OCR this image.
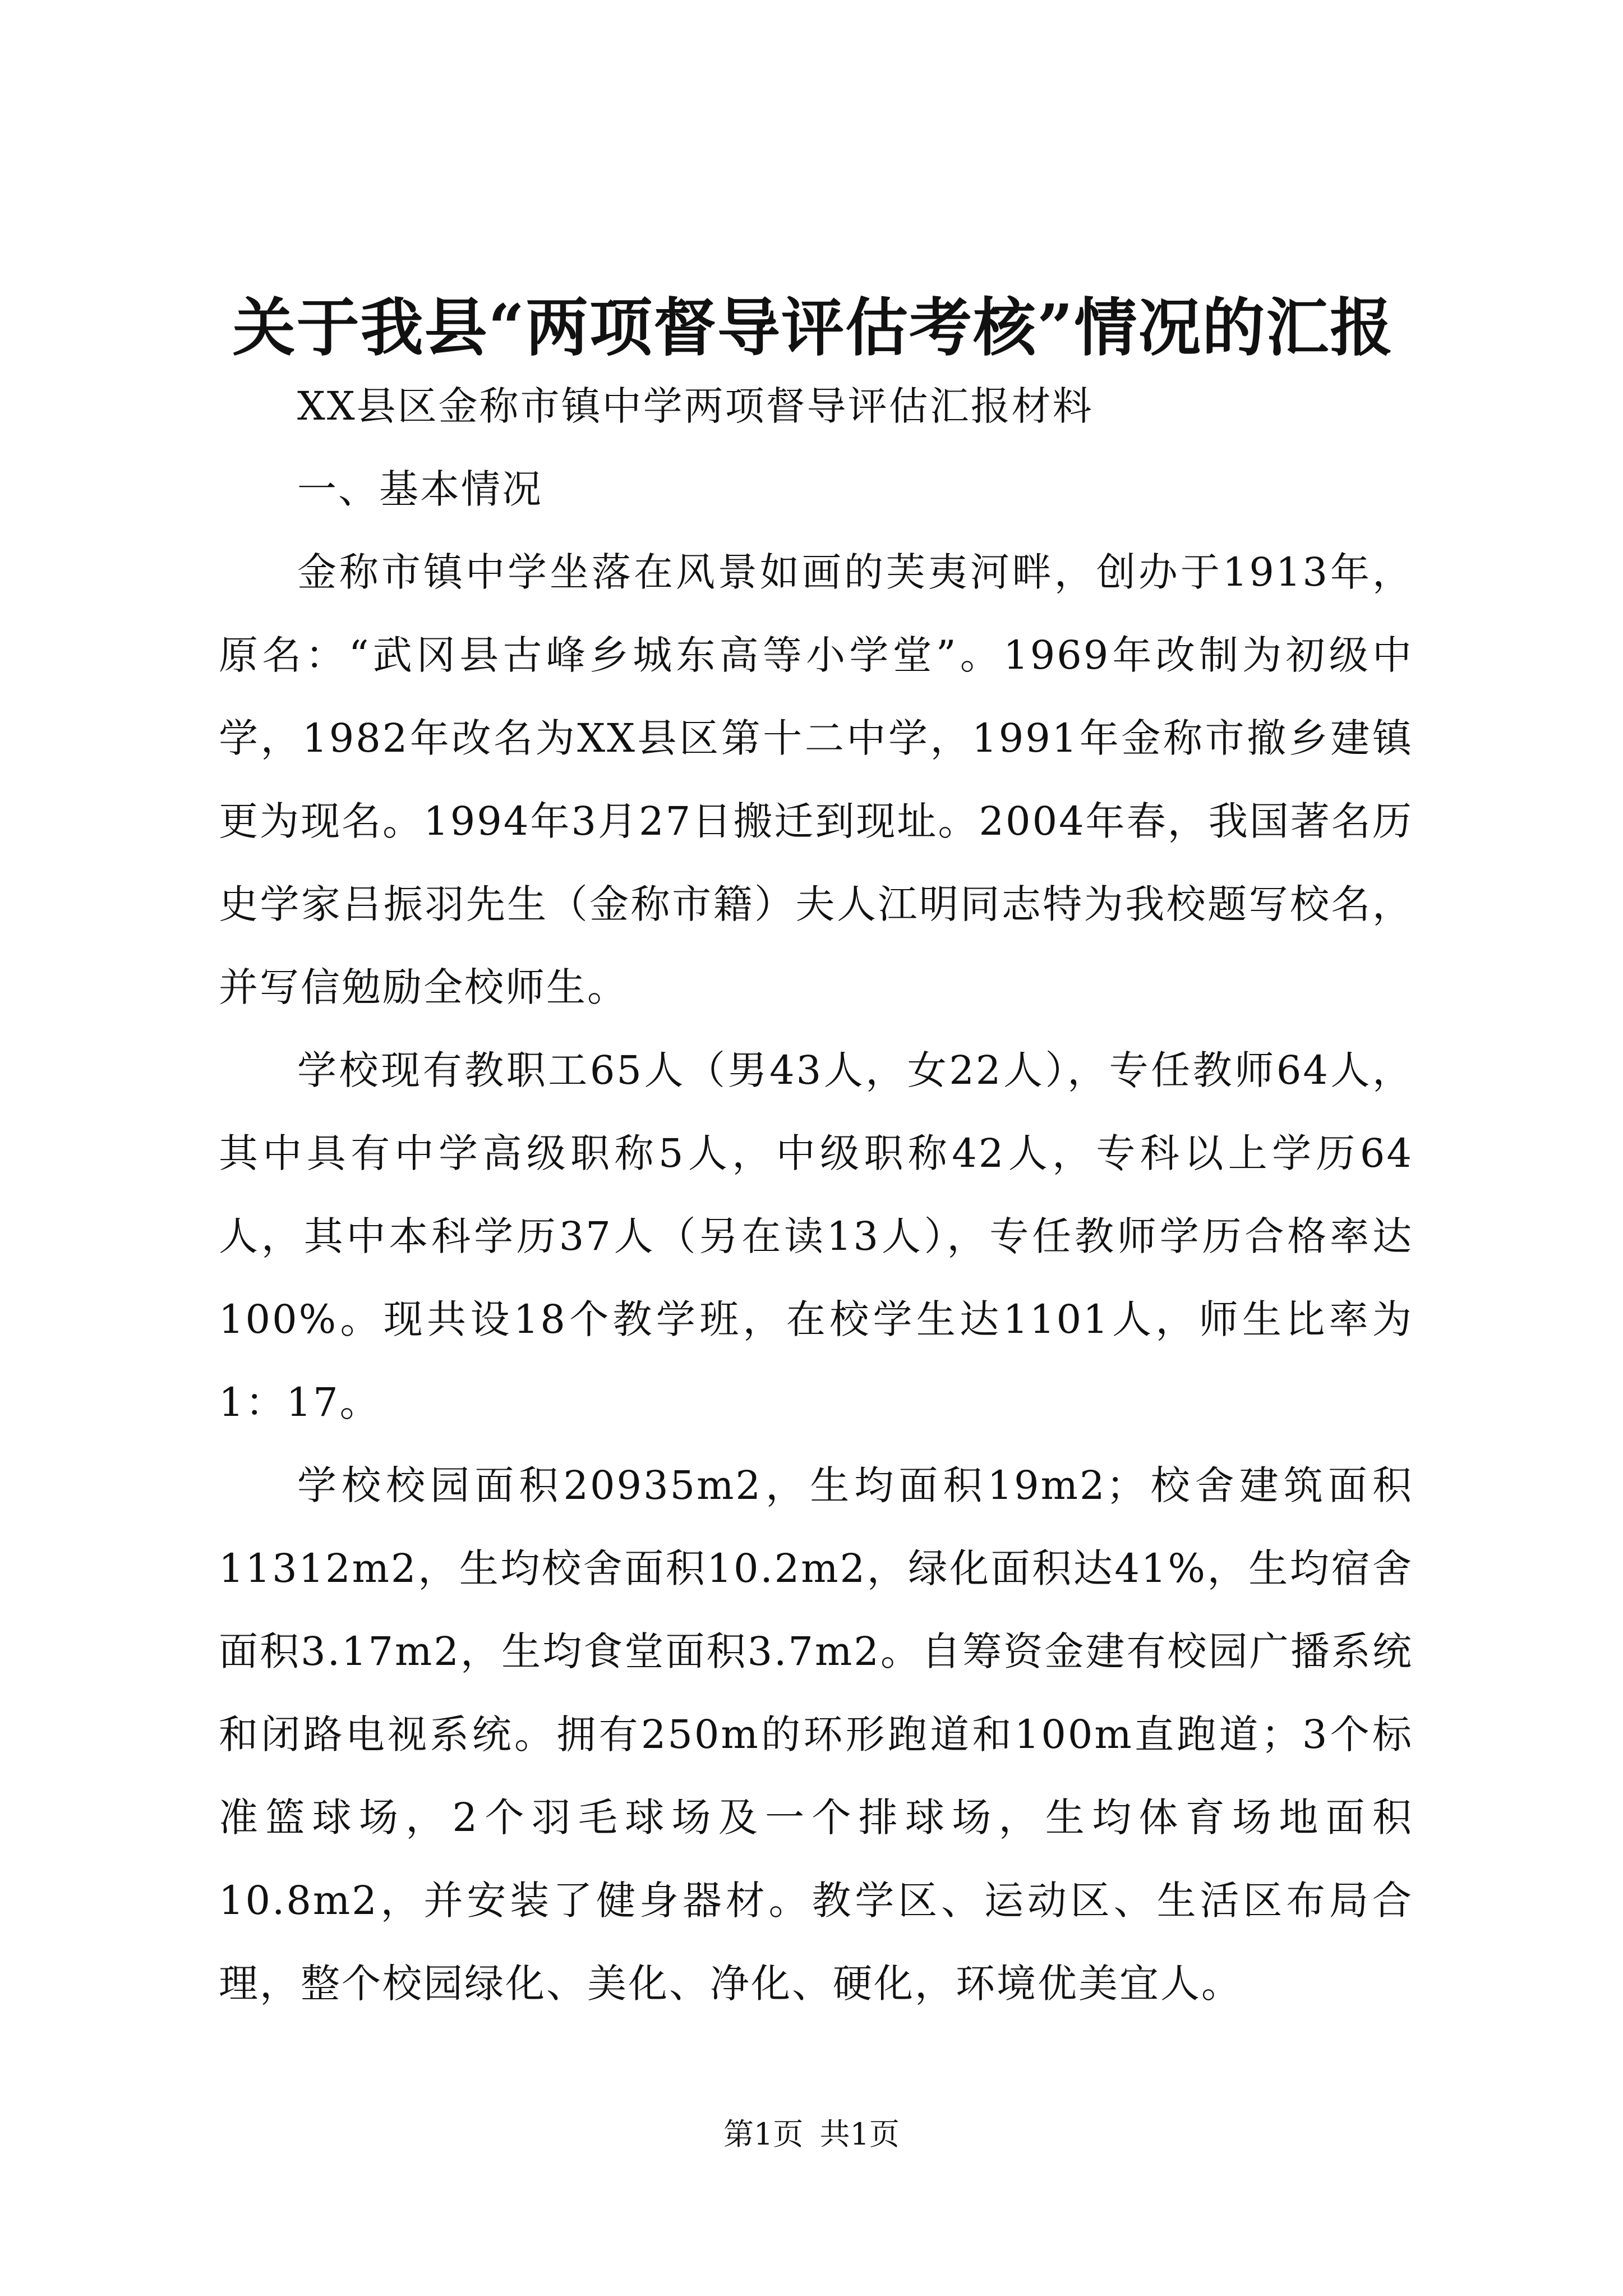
关于我县“两项督导评估考核”情况的汇报

XX县区金称市镇中学两项督导评估汇报材料

一、基本情况

金称市镇中学坐落在风景如画的芙夷河畔，创办于1913年，原名：“武冈县古峰乡城东高等小学堂”。1969年改制为初级中学，1982年改名为XX县区第十二中学，1991年金称市撤乡建镇更为现名。1994年3月27日搬迁到现址。2004年春，我国著名历史学家吕振羽先生（金称市籍）夫人江明同志特为我校题写校名，并写信勉励全校师生。

学校现有教职工65人（男43人，女22人），专任教师64人，其中具有中学高级职称5人，中级职称42人，专科以上学历64人，其中本科学历37人（另在读13人），专任教师学历合格率达100%。现共设18个教学班，在校学生达1101人，师生比率为1：17。

学校校园面积20935m2，生均面积19m2；校舍建筑面积11312m2，生均校舍面积10.2m2，绿化面积达41%，生均宿舍面积3.17m2，生均食堂面积3.7m2。自筹资金建有校园广播系统和闭路电视系统。拥有250m的环形跑道和100m直跑道；3个标准篮球场，2个羽毛球场及一个排球场，生均体育场地面积10.8m2，并安装了健身器材。教学区、运动区、生活区布局合理，整个校园绿化、美化、净化、硬化，环境优美宜人。

第1页 共1页
